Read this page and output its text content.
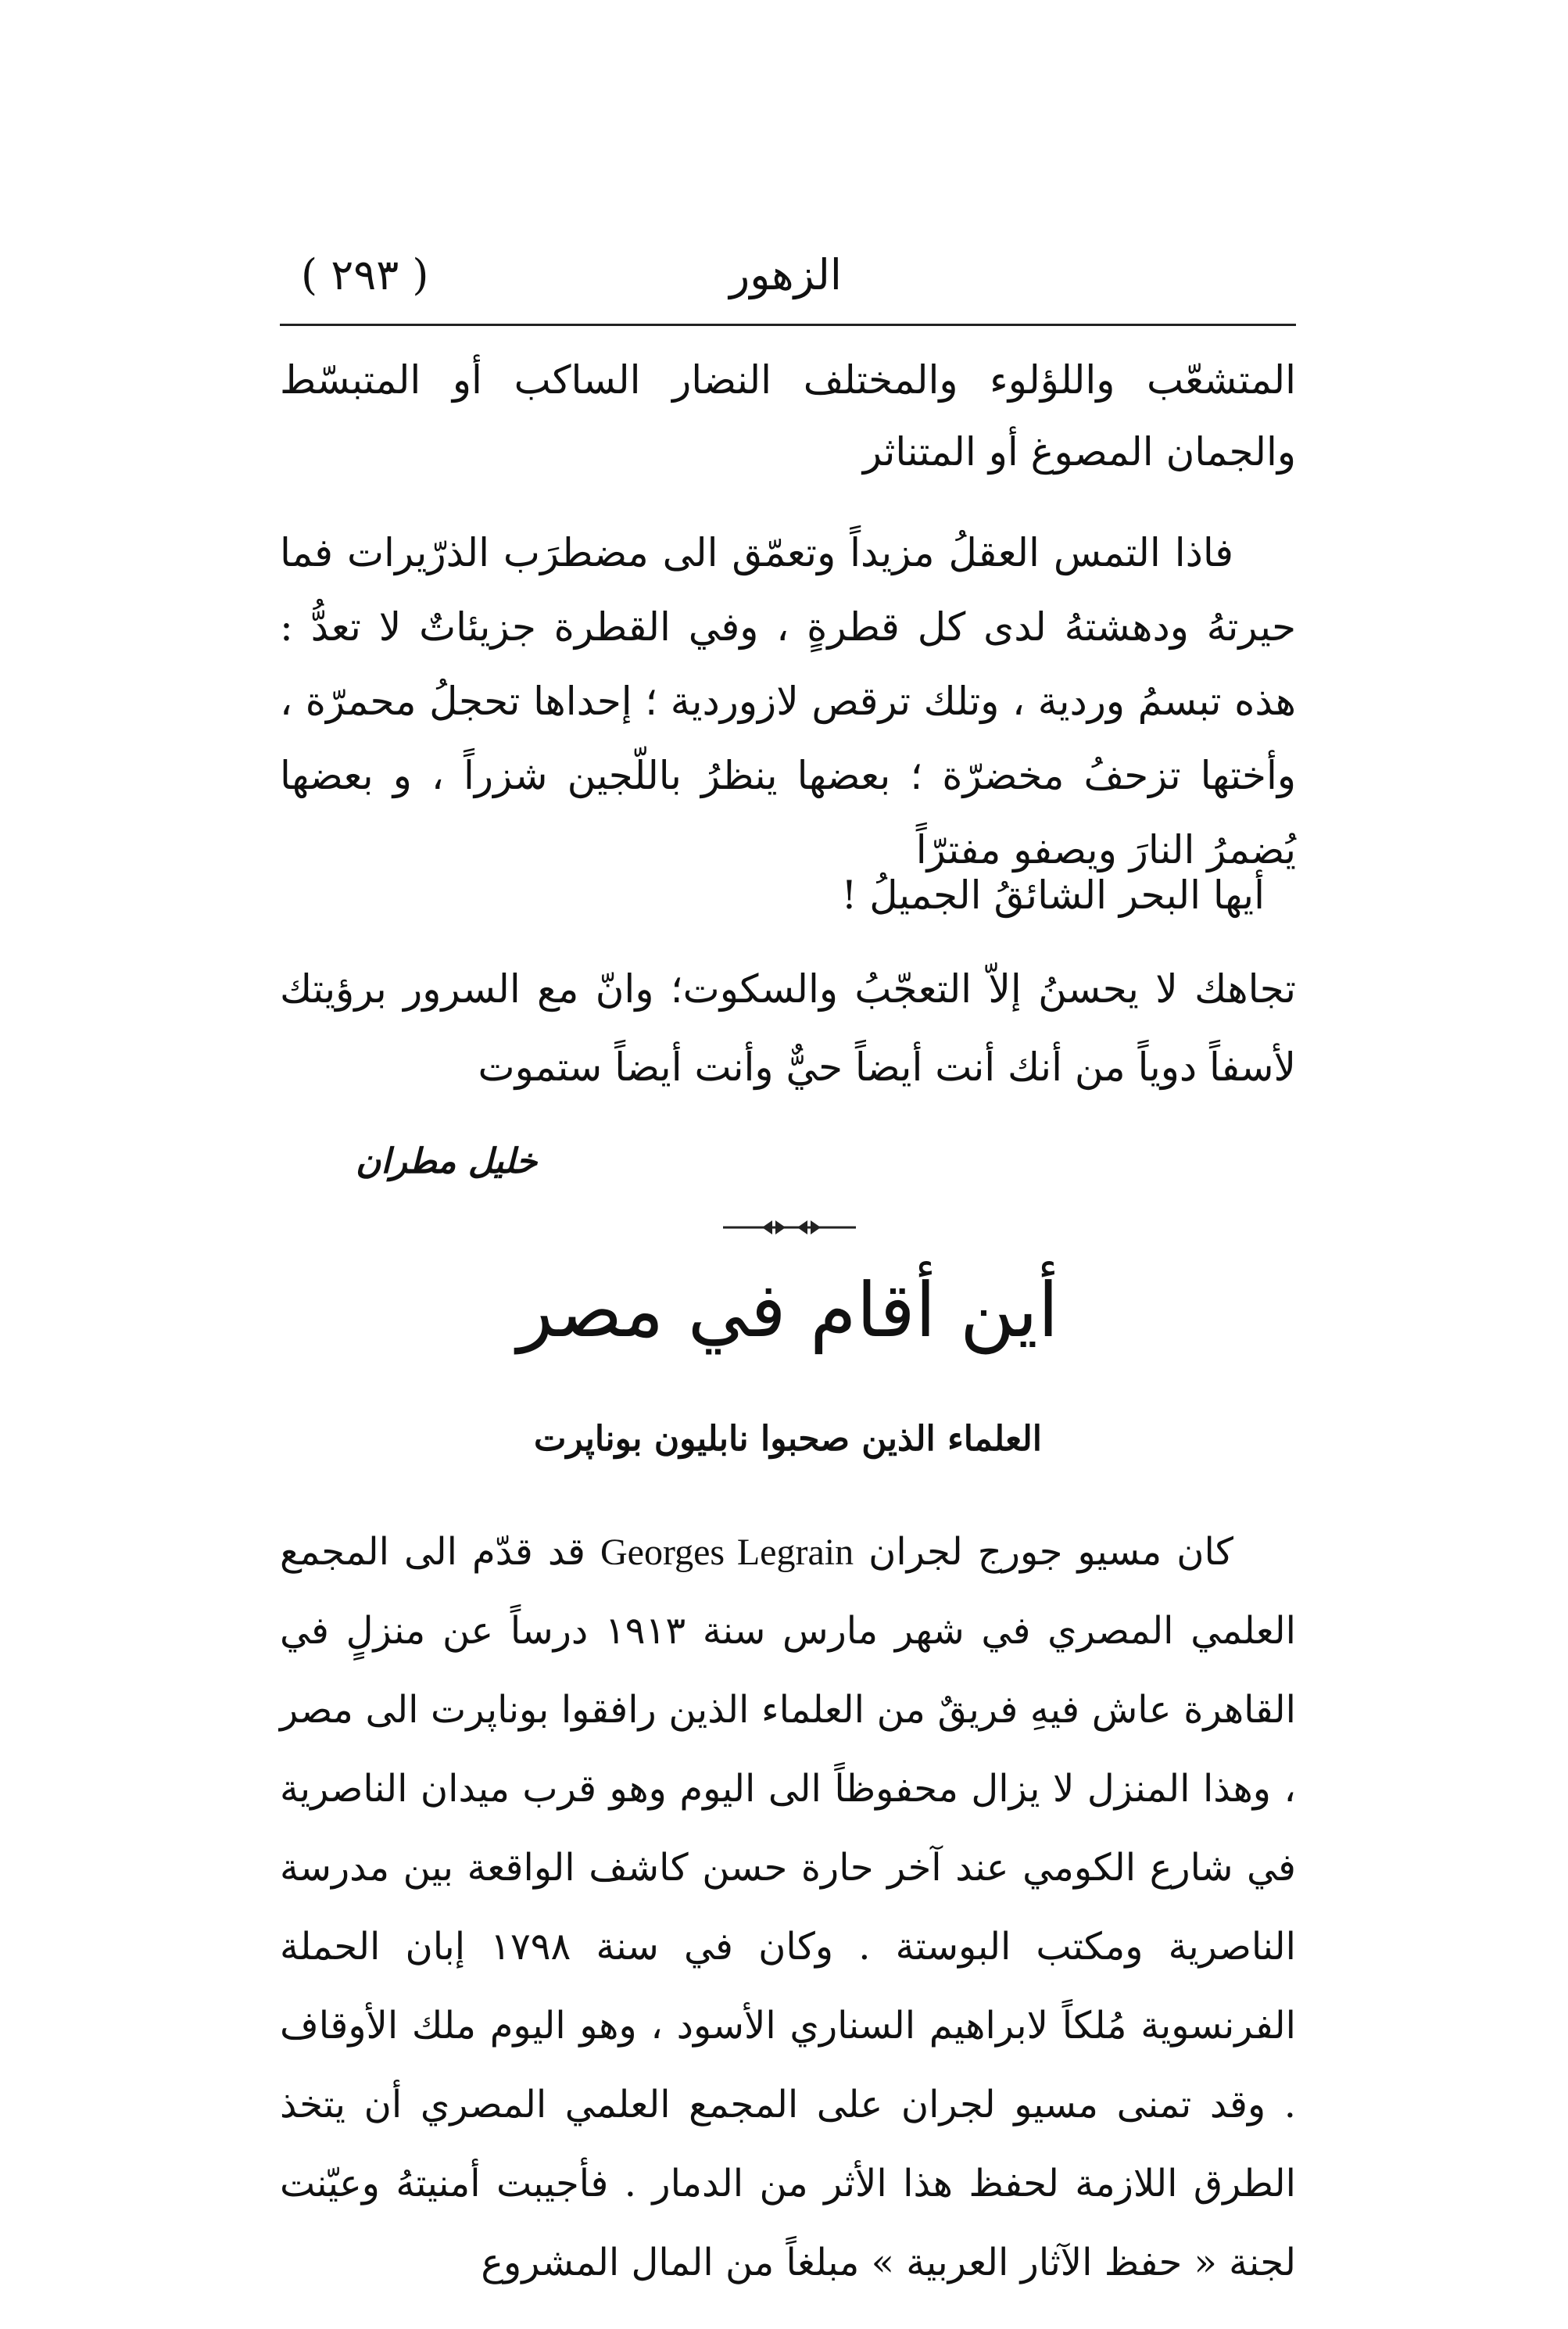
الزهور
( ۲۹۳ )
المتشعّب واللؤلوء والمختلف النضار الساكب أو المتبسّط والجمان المصوغ أو المتناثر
فاذا التمس العقلُ مزيداً وتعمّق الى مضطرَب الذرّيرات فما حيرتهُ ودهشتهُ لدى كل قطرةٍ ، وفي القطرة جزيئاتٌ لا تعدُّ : هذه تبسمُ وردية ، وتلك ترقص لازوردية ؛ إحداها تحجلُ محمرّة ، وأختها تزحفُ مخضرّة ؛ بعضها ينظرُ باللّجين شزراً ، و بعضها يُضمرُ النارَ ويصفو مفترّاً
أيها البحر الشائقُ الجميلُ !
تجاهك لا يحسنُ إلاّ التعجّبُ والسكوت؛ وانّ مع السرور برؤيتك لأسفاً دوياً من أنك أنت أيضاً حيٌّ وأنت أيضاً ستموت
خليل مطران
أين أقام في مصر
العلماء الذين صحبوا نابليون بوناپرت
كان مسيو جورج لجران Georges Legrain قد قدّم الى المجمع العلمي المصري في شهر مارس سنة ۱۹۱۳ درساً عن منزلٍ في القاهرة عاش فيهِ فريقٌ من العلماء الذين رافقوا بوناپرت الى مصر ، وهذا المنزل لا يزال محفوظاً الى اليوم وهو قرب ميدان الناصرية في شارع الكومي عند آخر حارة حسن كاشف الواقعة بين مدرسة الناصرية ومكتب البوستة . وكان في سنة ۱۷۹۸ إبان الحملة الفرنسوية مُلكاً لابراهيم السناري الأسود ، وهو اليوم ملك الأوقاف . وقد تمنى مسيو لجران على المجمع العلمي المصري أن يتخذ الطرق اللازمة لحفظ هذا الأثر من الدمار . فأجيبت أمنيتهُ وعيّنت لجنة « حفظ الآثار العربية » مبلغاً من المال المشروع
